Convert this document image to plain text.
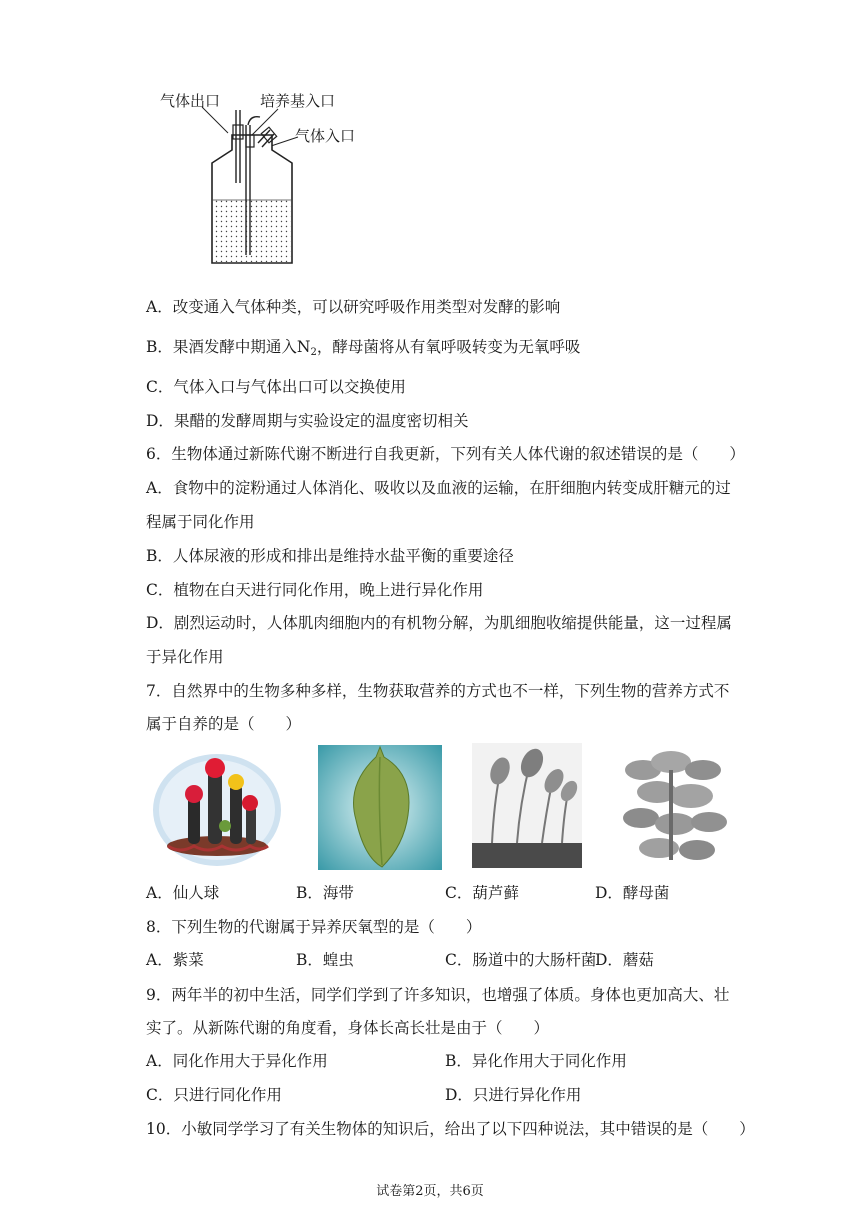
气体出口	培养基入口
气体入口
A．改变通入气体种类，可以研究呼吸作用类型对发酵的影响
B．果酒发酵中期通入$N_2$，酵母菌将从有氧呼吸转变为无氧呼吸
C．气体入口与气体出口可以交换使用
D．果醋的发酵周期与实验设定的温度密切相关
6．生物体通过新陈代谢不断进行自我更新，下列有关人体代谢的叙述错误的是（　　）
A．食物中的淀粉通过人体消化、吸收以及血液的运输，在肝细胞内转变成肝糖元的过
程属于同化作用
B．人体尿液的形成和排出是维持水盐平衡的重要途径
C．植物在白天进行同化作用，晚上进行异化作用
D．剧烈运动时，人体肌肉细胞内的有机物分解，为肌细胞收缩提供能量，这一过程属
于异化作用
7．自然界中的生物多种多样，生物获取营养的方式也不一样，下列生物的营养方式不
属于自养的是（　　）
A．仙人球	B．海带	C．葫芦藓	D．酵母菌
8．下列生物的代谢属于异养厌氧型的是（　　）
A．紫菜	B．蝗虫	C．肠道中的大肠杆菌
D．蘑菇
9．两年半的初中生活，同学们学到了许多知识，也增强了体质。身体也更加高大、壮
实了。从新陈代谢的角度看，身体长高长壮是由于（　　）
A．同化作用大于异化作用	B．异化作用大于同化作用
C．只进行同化作用	D．只进行异化作用
10．小敏同学学习了有关生物体的知识后，给出了以下四种说法，其中错误的是（　　）
试卷第2页，共6页
